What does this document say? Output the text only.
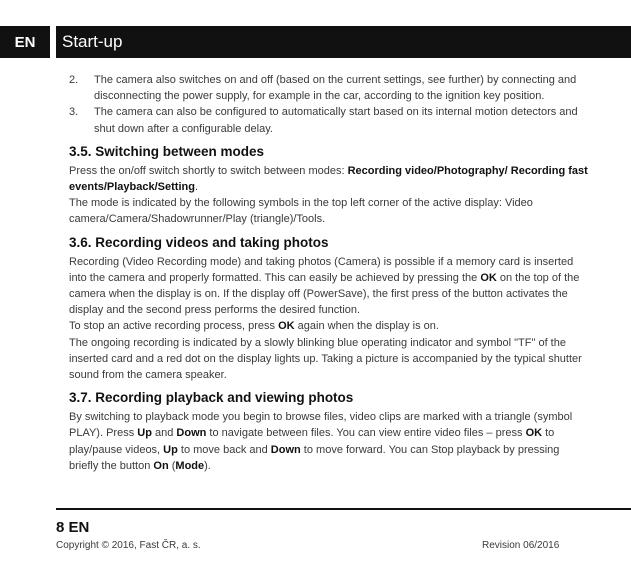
EN	Start-up
2.	The camera also switches on and off (based on the current settings, see further) by connecting and disconnecting the power supply, for example in the car, according to the ignition key position.
3.	The camera can also be configured to automatically start based on its internal motion detectors and shut down after a configurable delay.
3.5. Switching between modes

Press the on/off switch shortly to switch between modes: Recording video/Photography/ Recording fast events/Playback/Setting.

The mode is indicated by the following symbols in the top left corner of the active display: Video camera/Camera/Shadowrunner/Play (triangle)/Tools.

3.6. Recording videos and taking photos

Recording (Video Recording mode) and taking photos (Camera) is possible if a memory card is inserted into the camera and properly formatted. This can easily be achieved by pressing the OK on the top of the camera when the display is on. If the display off (PowerSave), the first press of the button activates the display and the second press performs the desired function.

To stop an active recording process, press OK again when the display is on.

The ongoing recording is indicated by a slowly blinking blue operating indicator and symbol "TF" of the inserted card and a red dot on the display lights up. Taking a picture is accompanied by the typical shutter sound from the camera speaker.

3.7. Recording playback and viewing photos

By switching to playback mode you begin to browse files, video clips are marked with a triangle (symbol PLAY). Press Up and Down to navigate between files. You can view entire video files – press OK to play/pause videos, Up to move back and Down to move forward. You can Stop playback by pressing briefly the button On (Mode).

8 EN
Copyright © 2016, Fast ČR, a. s.	Revision 06/2016
